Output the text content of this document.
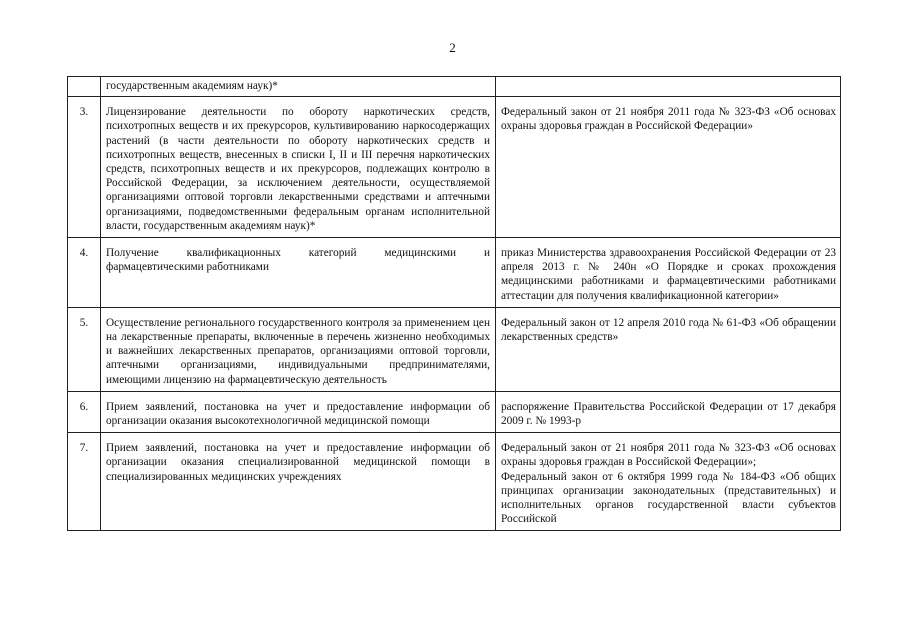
2
	государственным академиям наук)*	

3.	Лицензирование деятельности по обороту наркотических средств, психотропных веществ и их прекурсоров, культивированию наркосодержащих растений (в части деятельности по обороту наркотических средств и психотропных веществ, внесенных в списки I, II и III перечня наркотических средств, психотропных веществ и их прекурсоров, подлежащих контролю в Российской Федерации, за исключением деятельности, осуществляемой организациями оптовой торговли лекарственными средствами и аптечными организациями, подведомственными федеральным органам исполнительной власти, государственным академиям наук)*	Федеральный закон от 21 ноября 2011 года № 323-ФЗ «Об основах охраны здоровья граждан в Российской Федерации»

4.	Получение квалификационных категорий медицинскими и фармацевтическими работниками	приказ Министерства здравоохранения Российской Федерации от 23 апреля 2013 г. № 240н «О Порядке и сроках прохождения медицинскими работниками и фармацевтическими работниками аттестации для получения квалификационной категории»

5.	Осуществление регионального государственного контроля за применением цен на лекарственные препараты, включенные в перечень жизненно необходимых и важнейших лекарственных препаратов, организациями оптовой торговли, аптечными организациями, индивидуальными предпринимателями, имеющими лицензию на фармацевтическую деятельность	Федеральный закон от 12 апреля 2010 года № 61-ФЗ «Об обращении лекарственных средств»

6.	Прием заявлений, постановка на учет и предоставление информации об организации оказания высокотехнологичной медицинской помощи	распоряжение Правительства Российской Федерации от 17 декабря 2009 г. № 1993-р

7.	Прием заявлений, постановка на учет и предоставление информации об организации оказания специализированной медицинской помощи в специализированных медицинских учреждениях	Федеральный закон от 21 ноября 2011 года № 323-ФЗ «Об основах охраны здоровья граждан в Российской Федерации»;
Федеральный закон от 6 октября 1999 года № 184-ФЗ «Об общих принципах организации законодательных (представительных) и исполнительных органов государственной власти субъектов Российской
